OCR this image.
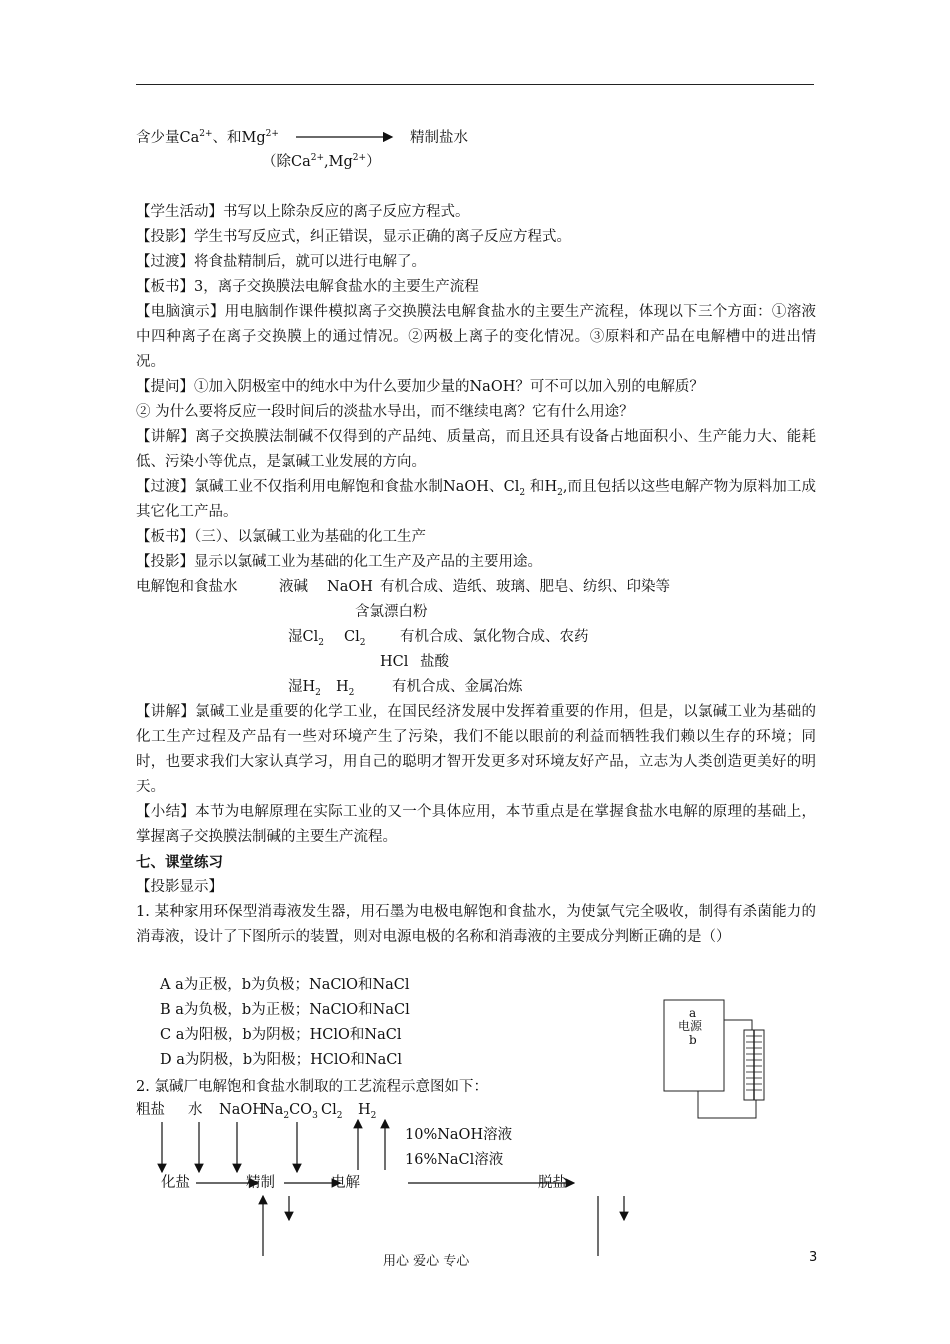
含少量$Ca^{2+}$、和$Mg^{2+}$	精制盐水
（除$Ca^{2+},Mg^{2+}$）
【学生活动】书写以上除杂反应的离子反应方程式。
【投影】学生书写反应式，纠正错误，显示正确的离子反应方程式。
【过渡】将食盐精制后，就可以进行电解了。
【板书】3，离子交换膜法电解食盐水的主要生产流程
【电脑演示】用电脑制作课件模拟离子交换膜法电解食盐水的主要生产流程，体现以下三个方面：①溶液中四种离子在离子交换膜上的通过情况。②两极上离子的变化情况。③原料和产品在电解槽中的进出情况。
【提问】①加入阴极室中的纯水中为什么要加少量的NaOH？可不可以加入别的电解质？
② 为什么要将反应一段时间后的淡盐水导出，而不继续电离？它有什么用途？
【讲解】离子交换膜法制碱不仅得到的产品纯、质量高，而且还具有设备占地面积小、生产能力大、能耗低、污染小等优点，是氯碱工业发展的方向。
【过渡】氯碱工业不仅指利用电解饱和食盐水制NaOH、$Cl_2$ 和$H_2$,而且包括以这些电解产物为原料加工成其它化工产品。
【板书】（三）、以氯碱工业为基础的化工生产
【投影】显示以氯碱工业为基础的化工生产及产品的主要用途。
电解饱和食盐水	液碱 NaOH 有机合成、造纸、玻璃、肥皂、纺织、印染等
含氯漂白粉
湿$Cl_2$ $Cl_2$ 有机合成、氯化物合成、农药
HCl 盐酸
湿$H_2$ $H_2$	有机合成、金属冶炼
【讲解】氯碱工业是重要的化学工业，在国民经济发展中发挥着重要的作用，但是，以氯碱工业为基础的化工生产过程及产品有一些对环境产生了污染，我们不能以眼前的利益而牺牲我们赖以生存的环境；同时，也要求我们大家认真学习，用自己的聪明才智开发更多对环境友好产品，立志为人类创造更美好的明天。
【小结】本节为电解原理在实际工业的又一个具体应用，本节重点是在掌握食盐水电解的原理的基础上，掌握离子交换膜法制碱的主要生产流程。
七、课堂练习
【投影显示】
1. 某种家用环保型消毒液发生器，用石墨为电极电解饱和食盐水，为使氯气完全吸收，制得有杀菌能力的消毒液，设计了下图所示的装置，则对电源电极的名称和消毒液的主要成分判断正确的是（）
A a为正极，b为负极；NaClO和NaCl
B a为负极，b为正极；NaClO和NaCl
C a为阳极，b为阴极；HClO和NaCl
D a为阴极，b为阳极；HClO和NaCl
a
电源
b
2. 氯碱厂电解饱和食盐水制取的工艺流程示意图如下：
粗盐 水 NaOH
$Na_2CO_3$ $Cl_2$ $H_2$
10%NaOH溶液
16%NaCl溶液
化盐	精制	电解	脱盐
用心 爱心 专心	3
